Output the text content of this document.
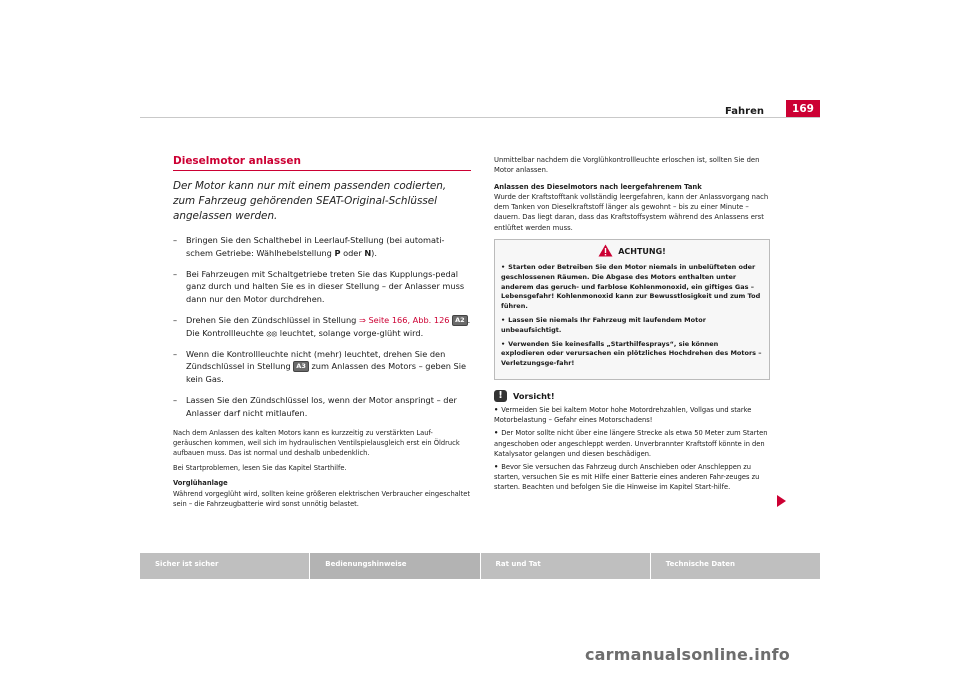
Fahren	169
Dieselmotor anlassen
Der Motor kann nur mit einem passenden codierten, zum Fahrzeug gehörenden SEAT-Original-Schlüssel angelassen werden.
–	Bringen Sie den Schalthebel in Leerlauf-Stellung (bei automati-schem Getriebe: Wählhebelstellung P oder N).
–	Bei Fahrzeugen mit Schaltgetriebe treten Sie das Kupplungs-pedal ganz durch und halten Sie es in dieser Stellung – der Anlasser muss dann nur den Motor durchdrehen.
–	Drehen Sie den Zündschlüssel in Stellung ⇒ Seite 166, Abb. 126 A2 . Die Kontrollleuchte ⦻⦻ leuchtet, solange vorge-glüht wird.
–	Wenn die Kontrollleuchte nicht (mehr) leuchtet, drehen Sie den Zündschlüssel in Stellung A3 zum Anlassen des Motors – geben Sie kein Gas.
–	Lassen Sie den Zündschlüssel los, wenn der Motor anspringt – der Anlasser darf nicht mitlaufen.

Nach dem Anlassen des kalten Motors kann es kurzzeitig zu verstärkten Lauf-geräuschen kommen, weil sich im hydraulischen Ventilspielausgleich erst ein Öldruck aufbauen muss. Das ist normal und deshalb unbedenklich.

Bei Startproblemen, lesen Sie das Kapitel Starthilfe.

Vorglühanlage

Während vorgeglüht wird, sollten keine größeren elektrischen Verbraucher eingeschaltet sein – die Fahrzeugbatterie wird sonst unnötig belastet.

Unmittelbar nachdem die Vorglühkontrollleuchte erloschen ist, sollten Sie den Motor anlassen.

Anlassen des Dieselmotors nach leergefahrenem Tank

Wurde der Kraftstofftank vollständig leergefahren, kann der Anlassvorgang nach dem Tanken von Dieselkraftstoff länger als gewohnt – bis zu einer Minute – dauern. Das liegt daran, dass das Kraftstoffsystem während des Anlassens erst entlüftet werden muss.

ACHTUNG!
• Starten oder Betreiben Sie den Motor niemals in unbelüfteten oder geschlossenen Räumen. Die Abgase des Motors enthalten unter anderem das geruch- und farblose Kohlenmonoxid, ein giftiges Gas – Lebensgefahr! Kohlenmonoxid kann zur Bewusstlosigkeit und zum Tod führen.
• Lassen Sie niemals Ihr Fahrzeug mit laufendem Motor unbeaufsichtigt.
• Verwenden Sie keinesfalls „Starthilfesprays“, sie können explodieren oder verursachen ein plötzliches Hochdrehen des Motors – Verletzungsge-fahr!
!	Vorsicht!
• Vermeiden Sie bei kaltem Motor hohe Motordrehzahlen, Vollgas und starke Motorbelastung – Gefahr eines Motorschadens!
• Der Motor sollte nicht über eine längere Strecke als etwa 50 Meter zum Starten angeschoben oder angeschleppt werden. Unverbrannter Kraftstoff könnte in den Katalysator gelangen und diesen beschädigen.
• Bevor Sie versuchen das Fahrzeug durch Anschieben oder Anschleppen zu starten, versuchen Sie es mit Hilfe einer Batterie eines anderen Fahr-zeuges zu starten. Beachten und befolgen Sie die Hinweise im Kapitel Start-hilfe.
Sicher ist sicher	Bedienungshinweise	Rat und Tat	Technische Daten
carmanualsonline.info
